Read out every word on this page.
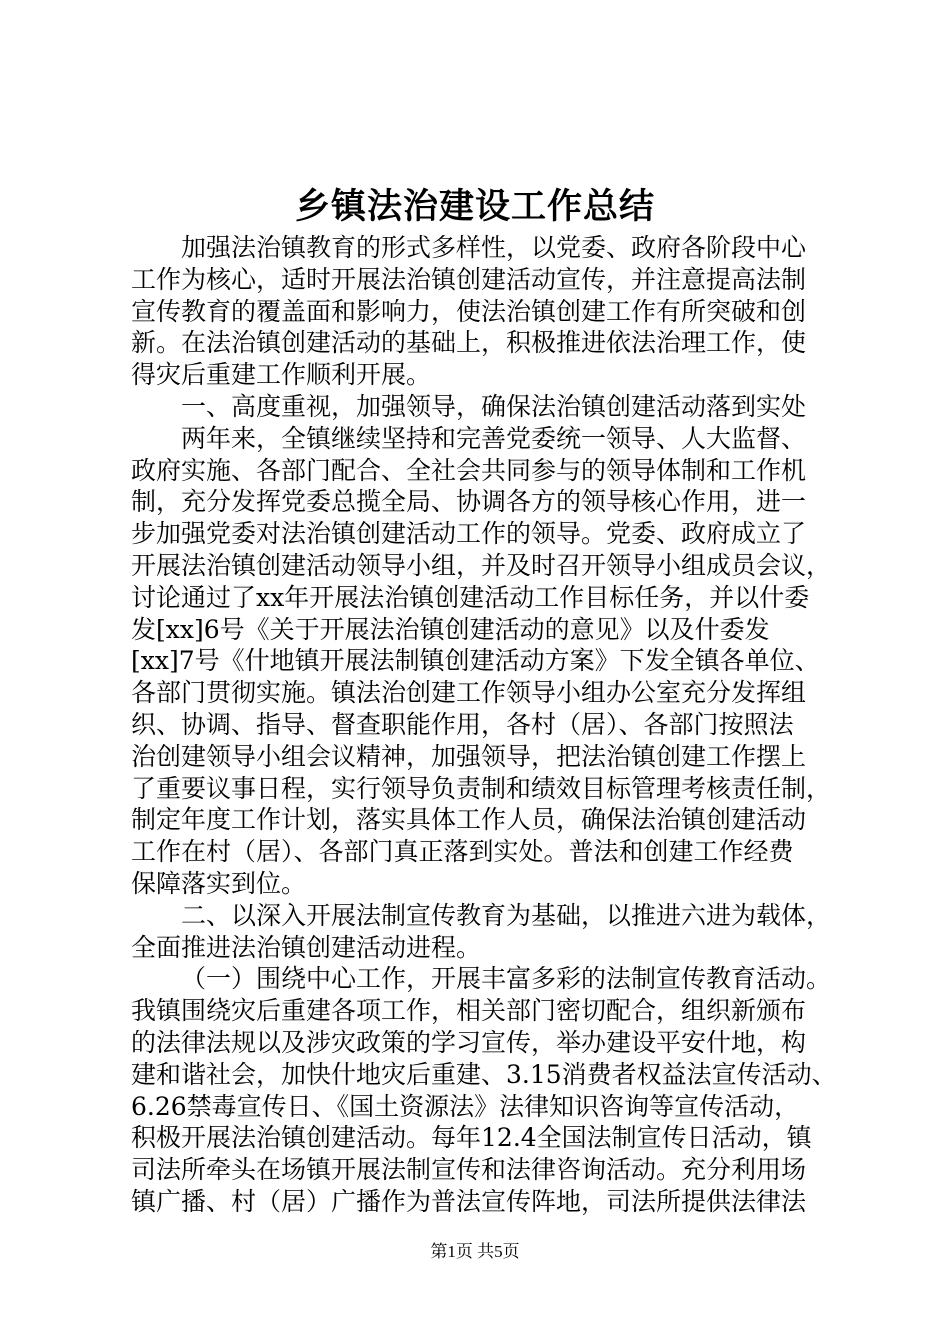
乡镇法治建设工作总结
加强法治镇教育的形式多样性，以党委、政府各阶段中心
工作为核心，适时开展法治镇创建活动宣传，并注意提高法制
宣传教育的覆盖面和影响力，使法治镇创建工作有所突破和创
新。在法治镇创建活动的基础上，积极推进依法治理工作，使
得灾后重建工作顺利开展。
一、高度重视，加强领导，确保法治镇创建活动落到实处
两年来，全镇继续坚持和完善党委统一领导、人大监督、
政府实施、各部门配合、全社会共同参与的领导体制和工作机
制，充分发挥党委总揽全局、协调各方的领导核心作用，进一
步加强党委对法治镇创建活动工作的领导。党委、政府成立了
开展法治镇创建活动领导小组，并及时召开领导小组成员会议，
讨论通过了xx年开展法治镇创建活动工作目标任务，并以什委
发[xx]6号《关于开展法治镇创建活动的意见》以及什委发
[xx]7号《什地镇开展法制镇创建活动方案》下发全镇各单位、
各部门贯彻实施。镇法治创建工作领导小组办公室充分发挥组
织、协调、指导、督查职能作用，各村（居）、各部门按照法
治创建领导小组会议精神，加强领导，把法治镇创建工作摆上
了重要议事日程，实行领导负责制和绩效目标管理考核责任制，
制定年度工作计划，落实具体工作人员，确保法治镇创建活动
工作在村（居）、各部门真正落到实处。普法和创建工作经费
保障落实到位。
二、以深入开展法制宣传教育为基础，以推进六进为载体，
全面推进法治镇创建活动进程。
（一）围绕中心工作，开展丰富多彩的法制宣传教育活动。
我镇围绕灾后重建各项工作，相关部门密切配合，组织新颁布
的法律法规以及涉灾政策的学习宣传，举办建设平安什地，构
建和谐社会，加快什地灾后重建、3.15消费者权益法宣传活动、
6.26禁毒宣传日、《国土资源法》法律知识咨询等宣传活动，
积极开展法治镇创建活动。每年12.4全国法制宣传日活动，镇
司法所牵头在场镇开展法制宣传和法律咨询活动。充分利用场
镇广播、村（居）广播作为普法宣传阵地，司法所提供法律法
第1页 共5页
